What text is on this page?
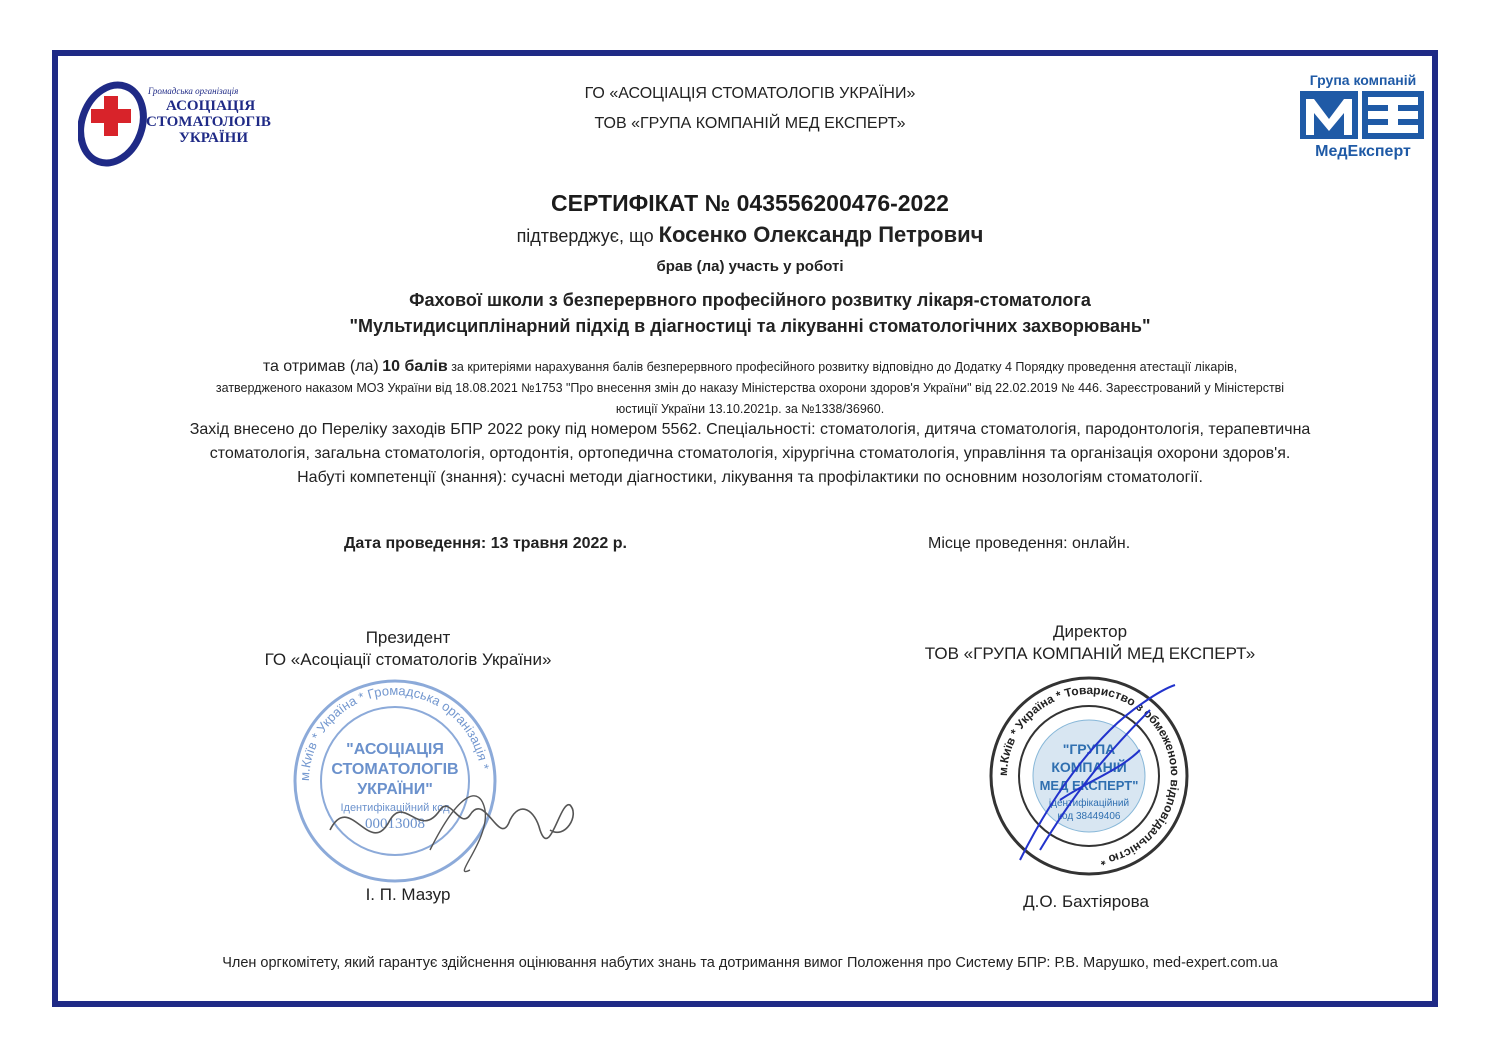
Громадська організація
АСОЦІАЦІЯ
СТОМАТОЛОГІВ
УКРАЇНИ
Група компаній
МедЕксперт
ГО «АСОЦІАЦІЯ СТОМАТОЛОГІВ УКРАЇНИ»
ТОВ «ГРУПА КОМПАНІЙ МЕД ЕКСПЕРТ»
СЕРТИФІКАТ № 043556200476-2022
підтверджує, що Косенко Олександр Петрович
брав (ла) участь у роботі
Фахової школи з безперервного професійного розвитку лікаря-стоматолога
"Мультидисциплінарний підхід в діагностиці та лікуванні стоматологічних захворювань"
та отримав (ла) 10 балів за критеріями нарахування балів безперервного професійного розвитку відповідно до Додатку 4 Порядку проведення атестації лікарів,
затвердженого наказом МОЗ України від 18.08.2021 №1753 "Про внесення змін до наказу Міністерства охорони здоров'я України" від 22.02.2019 № 446. Зареєстрований у Міністерстві
юстиції України 13.10.2021р. за №1338/36960.
Захід внесено до Переліку заходів БПР 2022 року під номером 5562. Спеціальності: стоматологія, дитяча стоматологія, пародонтологія, терапевтична
стоматологія, загальна стоматологія, ортодонтія, ортопедична стоматологія, хірургічна стоматологія, управління та організація охорони здоров'я.
Набуті компетенції (знання): сучасні методи діагностики, лікування та профілактики по основним нозологіям стоматології.
Дата проведення: 13 травня 2022 р.	Місце проведення: онлайн.
Президент
ГО «Асоціації стоматологів України»
м.Київ * Україна * Громадська організація *
"АСОЦІАЦІЯ
СТОМАТОЛОГІВ
УКРАЇНИ"
Ідентифікаційний код
00013008
І. П. Мазур
Директор
ТОВ «ГРУПА КОМПАНІЙ МЕД ЕКСПЕРТ»
м.Київ * Україна * Товариство з обмеженою відповідальністю *
"ГРУПА
КОМПАНІЙ
МЕД ЕКСПЕРТ"
ідентифікаційний
код 38449406
Д.О. Бахтіярова
Член оргкомітету, який гарантує здійснення оцінювання набутих знань та дотримання вимог Положення про Систему БПР: Р.В. Марушко, med-expert.com.ua
